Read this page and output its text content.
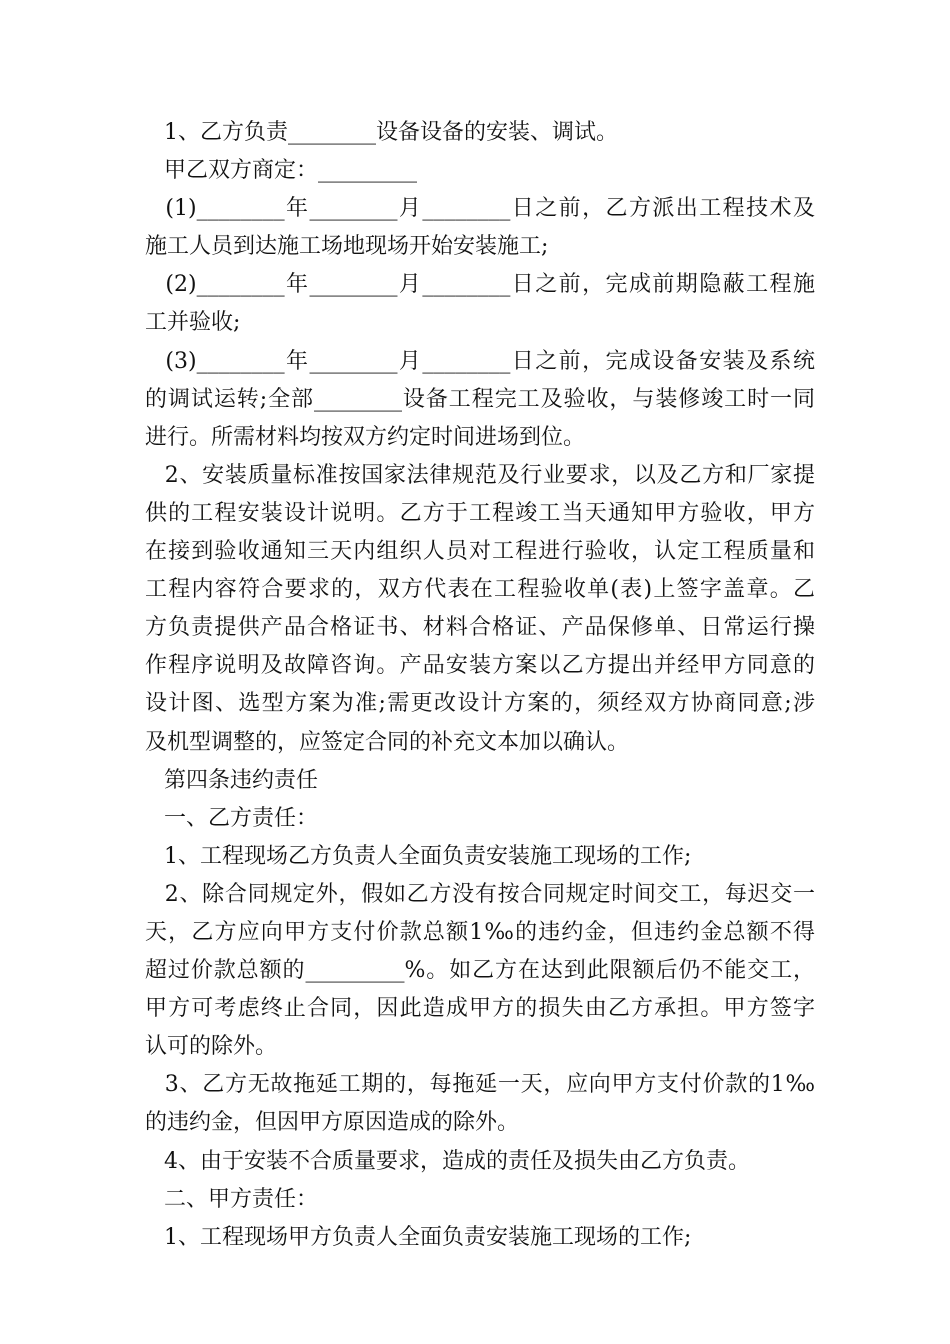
1、乙方负责________设备设备的安装、调试。
甲乙双方商定：_________
(1)________年________月________日之前，乙方派出工程技术及
施工人员到达施工场地现场开始安装施工;
(2)________年________月________日之前，完成前期隐蔽工程施
工并验收;
(3)________年________月________日之前，完成设备安装及系统
的调试运转;全部________设备工程完工及验收，与装修竣工时一同
进行。所需材料均按双方约定时间进场到位。
2、安装质量标准按国家法律规范及行业要求，以及乙方和厂家提
供的工程安装设计说明。乙方于工程竣工当天通知甲方验收，甲方
在接到验收通知三天内组织人员对工程进行验收，认定工程质量和
工程内容符合要求的，双方代表在工程验收单(表)上签字盖章。乙
方负责提供产品合格证书、材料合格证、产品保修单、日常运行操
作程序说明及故障咨询。产品安装方案以乙方提出并经甲方同意的
设计图、选型方案为准;需更改设计方案的，须经双方协商同意;涉
及机型调整的，应签定合同的补充文本加以确认。
第四条违约责任
一、乙方责任：
1、工程现场乙方负责人全面负责安装施工现场的工作;
2、除合同规定外，假如乙方没有按合同规定时间交工，每迟交一
天，乙方应向甲方支付价款总额1‰的违约金，但违约金总额不得
超过价款总额的_________%。如乙方在达到此限额后仍不能交工，
甲方可考虑终止合同，因此造成甲方的损失由乙方承担。甲方签字
认可的除外。
3、乙方无故拖延工期的，每拖延一天，应向甲方支付价款的1‰
的违约金，但因甲方原因造成的除外。
4、由于安装不合质量要求，造成的责任及损失由乙方负责。
二、甲方责任：
1、工程现场甲方负责人全面负责安装施工现场的工作;
